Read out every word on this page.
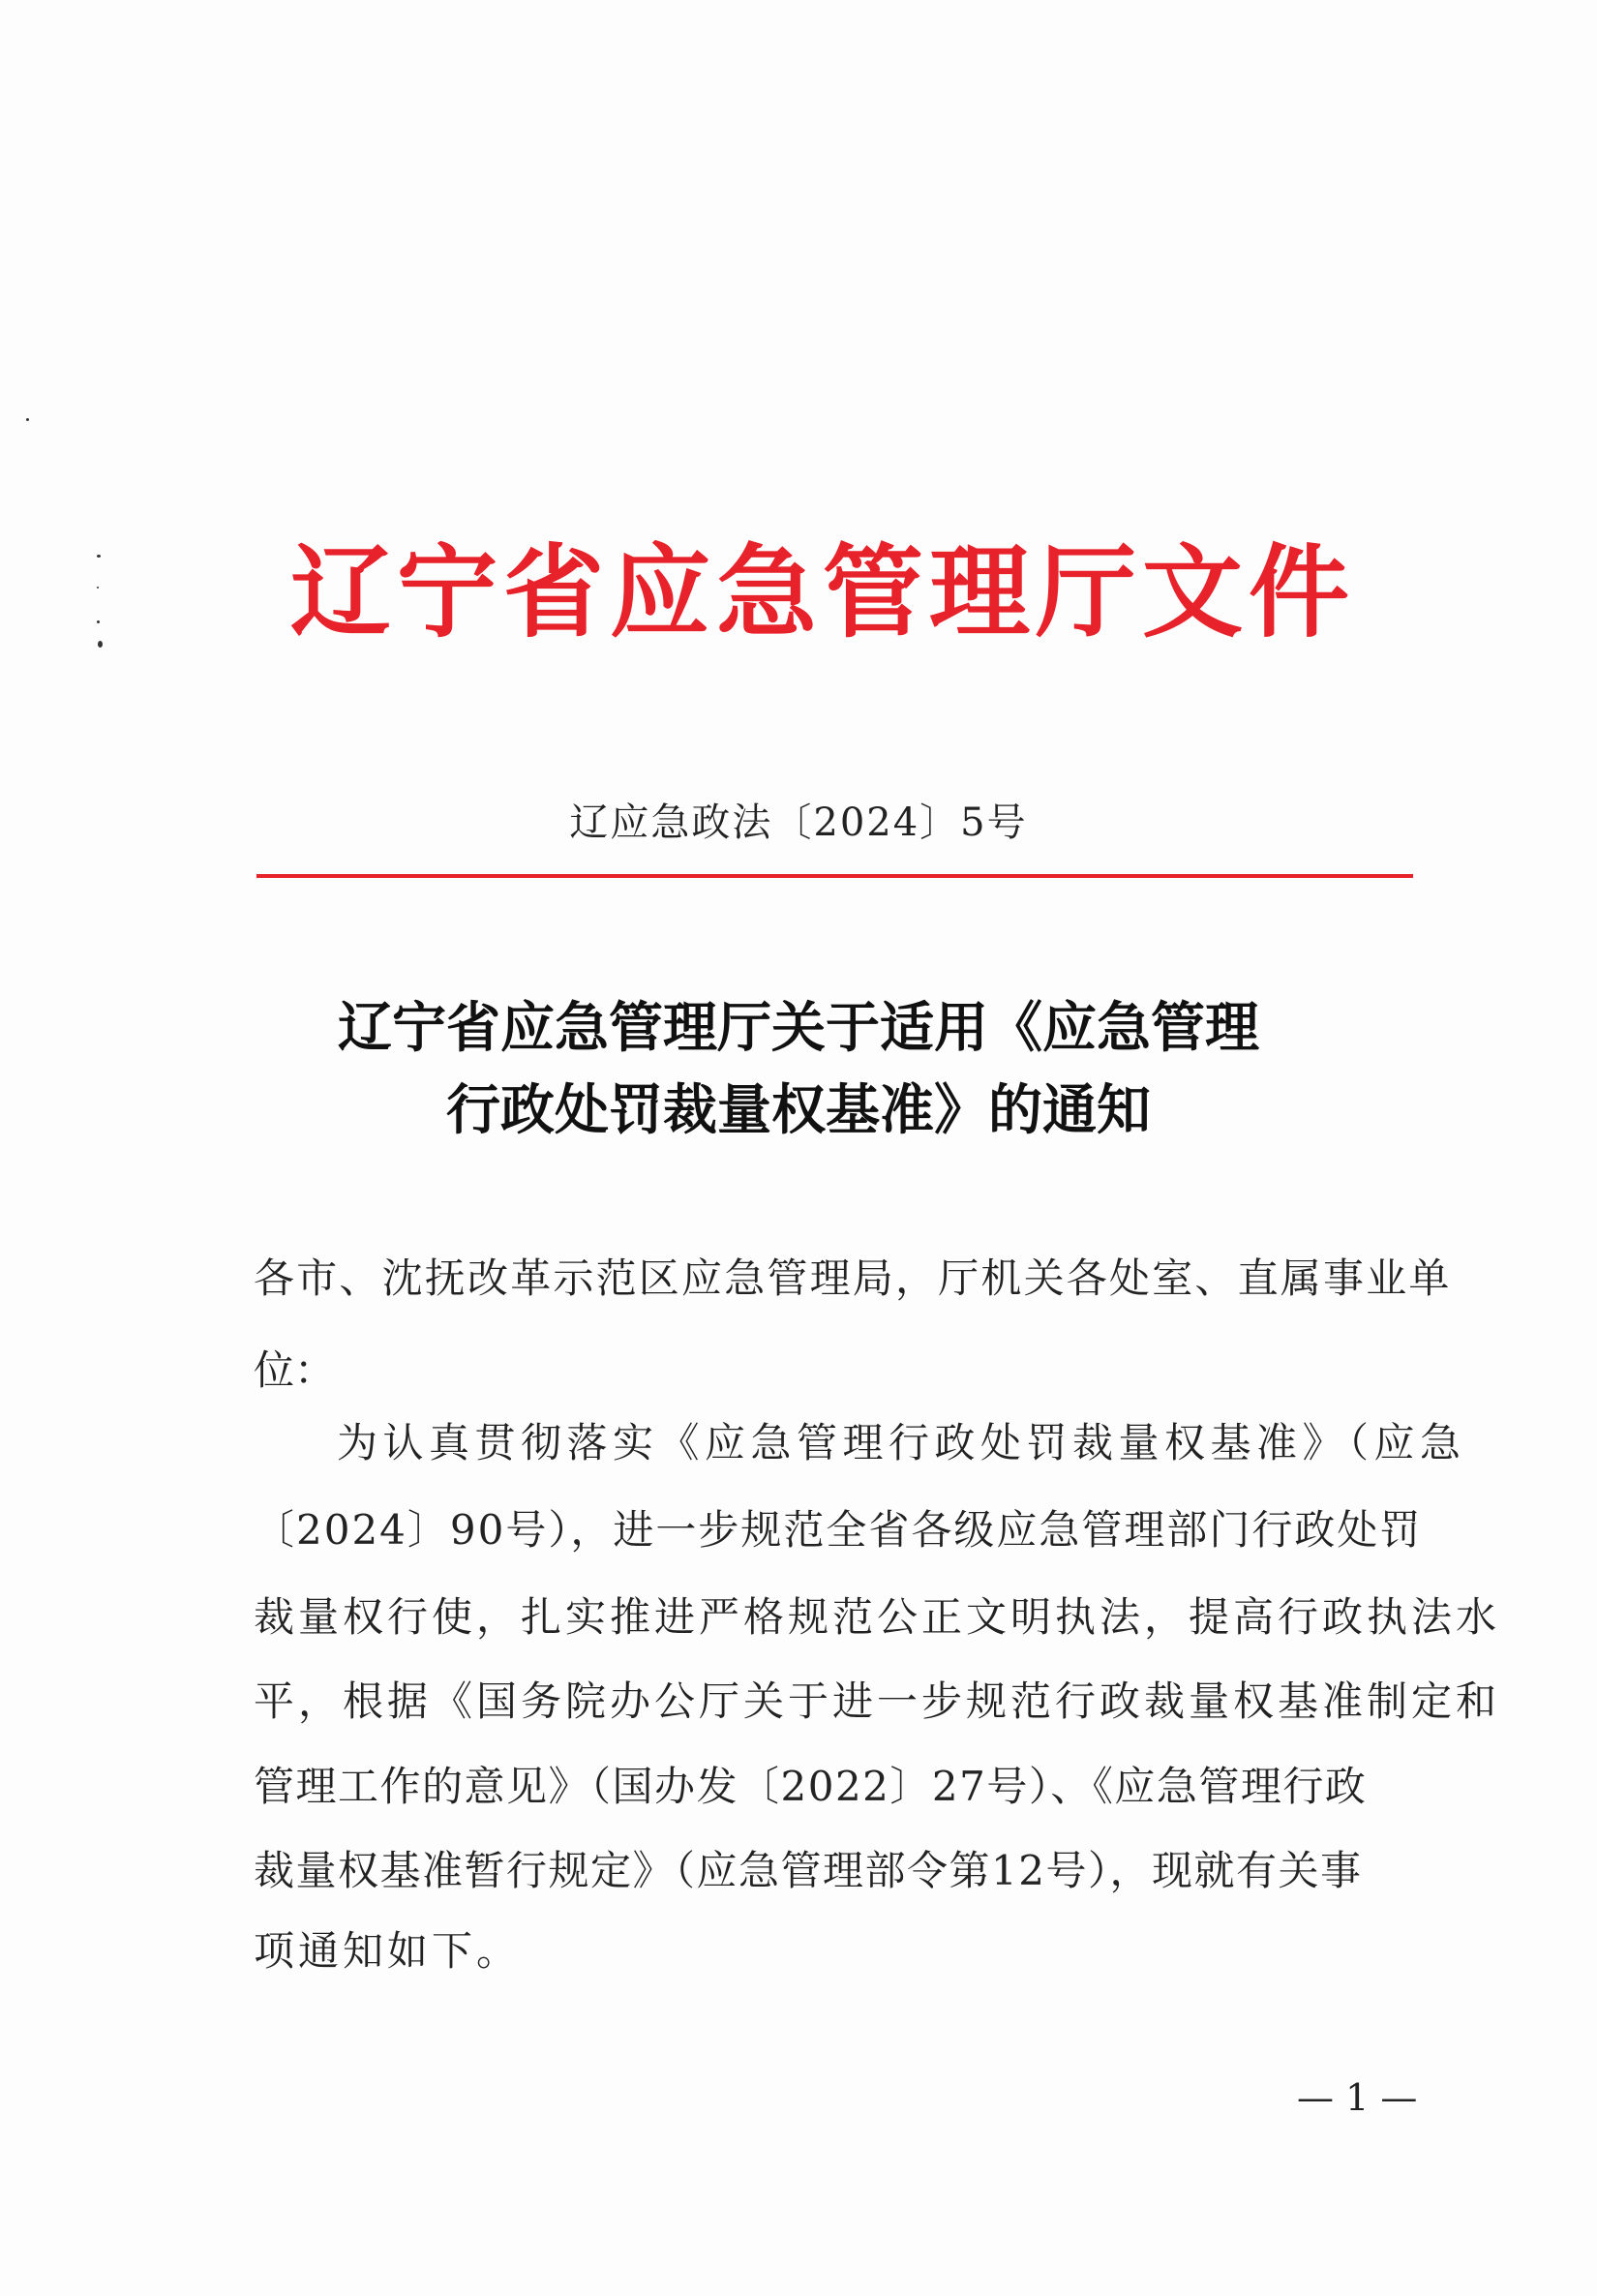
辽宁省应急管理厅文件
辽应急政法〔2024〕5号
辽宁省应急管理厅关于适用《应急管理
行政处罚裁量权基准》的通知
各市、沈抚改革示范区应急管理局，厅机关各处室、直属事业单
位：
为认真贯彻落实《应急管理行政处罚裁量权基准》（应急
〔2024〕90号），进一步规范全省各级应急管理部门行政处罚
裁量权行使，扎实推进严格规范公正文明执法，提高行政执法水
平，根据《国务院办公厅关于进一步规范行政裁量权基准制定和
管理工作的意见》（国办发〔2022〕27号）、《应急管理行政
裁量权基准暂行规定》（应急管理部令第12号），现就有关事
项通知如下。
— 1 —
